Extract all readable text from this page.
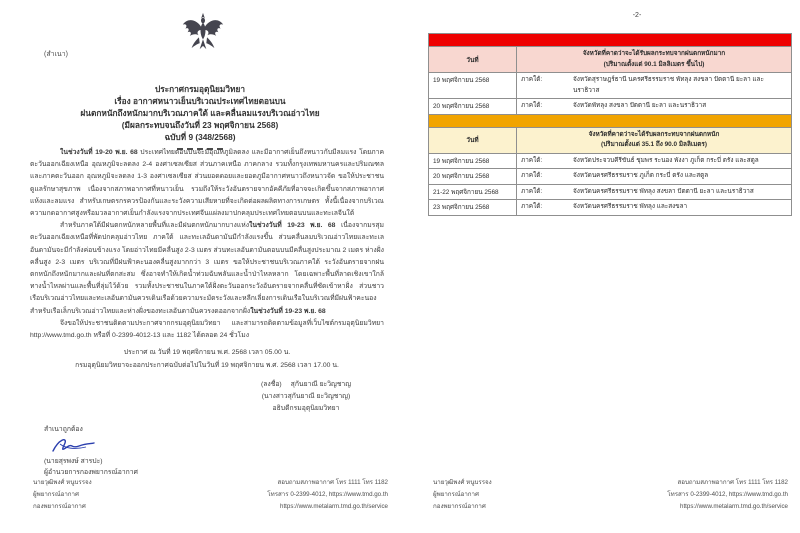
(สำเนา)
ประกาศกรมอุตุนิยมวิทยา
เรื่อง อากาศหนาวเย็นบริเวณประเทศไทยตอนบน
ฝนตกหนักถึงหนักมากบริเวณภาคใต้ และคลื่นลมแรงบริเวณอ่าวไทย
(มีผลกระทบจนถึงวันที่ 23 พฤศจิกายน 2568)
ฉบับที่ 9 (348/2568)

ในช่วงวันที่ 19-20 พ.ย. 68 ประเทศไทยตอนบนจะมีอุณหภูมิลดลง และมีอากาศเย็นถึงหนาวกับมีลมแรง โดยภาคตะวันออกเฉียงเหนือ อุณหภูมิจะลดลง 2-4 องศาเซลเซียส ส่วนภาคเหนือ ภาคกลาง รวมทั้งกรุงเทพมหานครและปริมณฑล และภาคตะวันออก อุณหภูมิจะลดลง 1-3 องศาเซลเซียส ส่วนยอดดอยและยอดภูมีอากาศหนาวถึงหนาวจัด ขอให้ประชาชนดูแลรักษาสุขภาพ เนื่องจากสภาพอากาศที่หนาวเย็น รวมถึงให้ระวังอันตรายจากอัคคีภัยที่อาจจะเกิดขึ้นจากสภาพอากาศแห้งและลมแรง สำหรับเกษตรกรควรป้องกันและระวังความเสียหายที่จะเกิดต่อผลผลิตทางการเกษตร ทั้งนี้เนื่องจากบริเวณความกดอากาศสูงหรือมวลอากาศเย็นกำลังแรงจากประเทศจีนแผ่ลงมาปกคลุมประเทศไทยตอนบนและทะเลจีนใต้

สำหรับภาคใต้มีฝนตกหนักหลายพื้นที่และมีฝนตกหนักมากบางแห่งในช่วงวันที่ 19-23 พ.ย. 68 เนื่องจากมรสุมตะวันออกเฉียงเหนือที่พัดปกคลุมอ่าวไทย ภาคใต้ และทะเลอันดามันมีกำลังแรงขึ้น ส่วนคลื่นลมบริเวณอ่าวไทยและทะเลอันดามันจะมีกำลังค่อนข้างแรง โดยอ่าวไทยมีคลื่นสูง 2-3 เมตร ส่วนทะเลอันดามันตอนบนมีคลื่นสูงประมาณ 2 เมตร ห่างฝั่งคลื่นสูง 2-3 เมตร บริเวณที่มีฝนฟ้าคะนองคลื่นสูงมากกว่า 3 เมตร ขอให้ประชาชนบริเวณภาคใต้ ระวังอันตรายจากฝนตกหนักถึงหนักมากและฝนที่ตกสะสม ซึ่งอาจทำให้เกิดน้ำท่วมฉับพลันและน้ำป่าไหลหลาก โดยเฉพาะพื้นที่ลาดเชิงเขาใกล้ทางน้ำไหลผ่านและพื้นที่ลุ่มไว้ด้วย รวมทั้งประชาชนในภาคใต้ฝั่งตะวันออกระวังอันตรายจากคลื่นที่ซัดเข้าหาฝั่ง ส่วนชาวเรือบริเวณอ่าวไทยและทะเลอันดามันควรเดินเรือด้วยความระมัดระวังและหลีกเลี่ยงการเดินเรือในบริเวณที่มีฝนฟ้าคะนอง สำหรับเรือเล็กบริเวณอ่าวไทยและห่างฝั่งของทะเลอันดามันควรงดออกจากฝั่งในช่วงวันที่ 19-23 พ.ย. 68

จึงขอให้ประชาชนติดตามประกาศจากกรมอุตุนิยมวิทยา และสามารถติดตามข้อมูลที่เว็บไซต์กรมอุตุนิยมวิทยา http://www.tmd.go.th หรือที่ 0-2399-4012-13 และ 1182 ได้ตลอด 24 ชั่วโมง

ประกาศ ณ วันที่ 19 พฤศจิกายน พ.ศ. 2568 เวลา 05.00 น.
กรมอุตุนิยมวิทยาจะออกประกาศฉบับต่อไปในวันที่ 19 พฤศจิกายน พ.ศ. 2568 เวลา 17.00 น.
(ลงชื่อ) สุกันยาณี ยะวิญชาญ
(นางสาวสุกันยาณี ยะวิญชาญ)
อธิบดีกรมอุตุนิยมวิทยา
สำเนาถูกต้อง
(นายสุรพงษ์ สารปะ)
ผู้อำนวยการกองพยากรณ์อากาศ
นายวุฒิพงศ์ หนูบรรจง
ผู้พยากรณ์อากาศ
กองพยากรณ์อากาศ
สอบถามสภาพอากาศ โทร 1111 โทร 1182
โทรสาร 0-2399-4012, https://www.tmd.go.th
https://www.metalarm.tmd.go.th/service
-2-
วันที่
จังหวัดที่คาดว่าจะได้รับผลกระทบจากฝนตกหนักมาก
(ปริมาณตั้งแต่ 90.1 มิลลิเมตร ขึ้นไป)
19 พฤศจิกายน 2568	ภาคใต้:	จังหวัดสุราษฎร์ธานี นครศรีธรรมราช พัทลุง สงขลา ปัตตานี ยะลา และนราธิวาส
20 พฤศจิกายน 2568	ภาคใต้:	จังหวัดพัทลุง สงขลา ปัตตานี ยะลา และนราธิวาส
วันที่
จังหวัดที่คาดว่าจะได้รับผลกระทบจากฝนตกหนัก
(ปริมาณตั้งแต่ 35.1 ถึง 90.0 มิลลิเมตร)
19 พฤศจิกายน 2568	ภาคใต้:	จังหวัดประจวบคีรีขันธ์ ชุมพร ระนอง พังงา ภูเก็ต กระบี่ ตรัง และสตูล
20 พฤศจิกายน 2568	ภาคใต้:	จังหวัดนครศรีธรรมราช ภูเก็ต กระบี่ ตรัง และสตูล
21-22 พฤศจิกายน 2568	ภาคใต้:	จังหวัดนครศรีธรรมราช พัทลุง สงขลา ปัตตานี ยะลา และนราธิวาส
23 พฤศจิกายน 2568	ภาคใต้:	จังหวัดนครศรีธรรมราช พัทลุง และสงขลา
นายวุฒิพงศ์ หนูบรรจง
ผู้พยากรณ์อากาศ
กองพยากรณ์อากาศ
สอบถามสภาพอากาศ โทร 1111 โทร 1182
โทรสาร 0-2399-4012, https://www.tmd.go.th
https://www.metalarm.tmd.go.th/service
